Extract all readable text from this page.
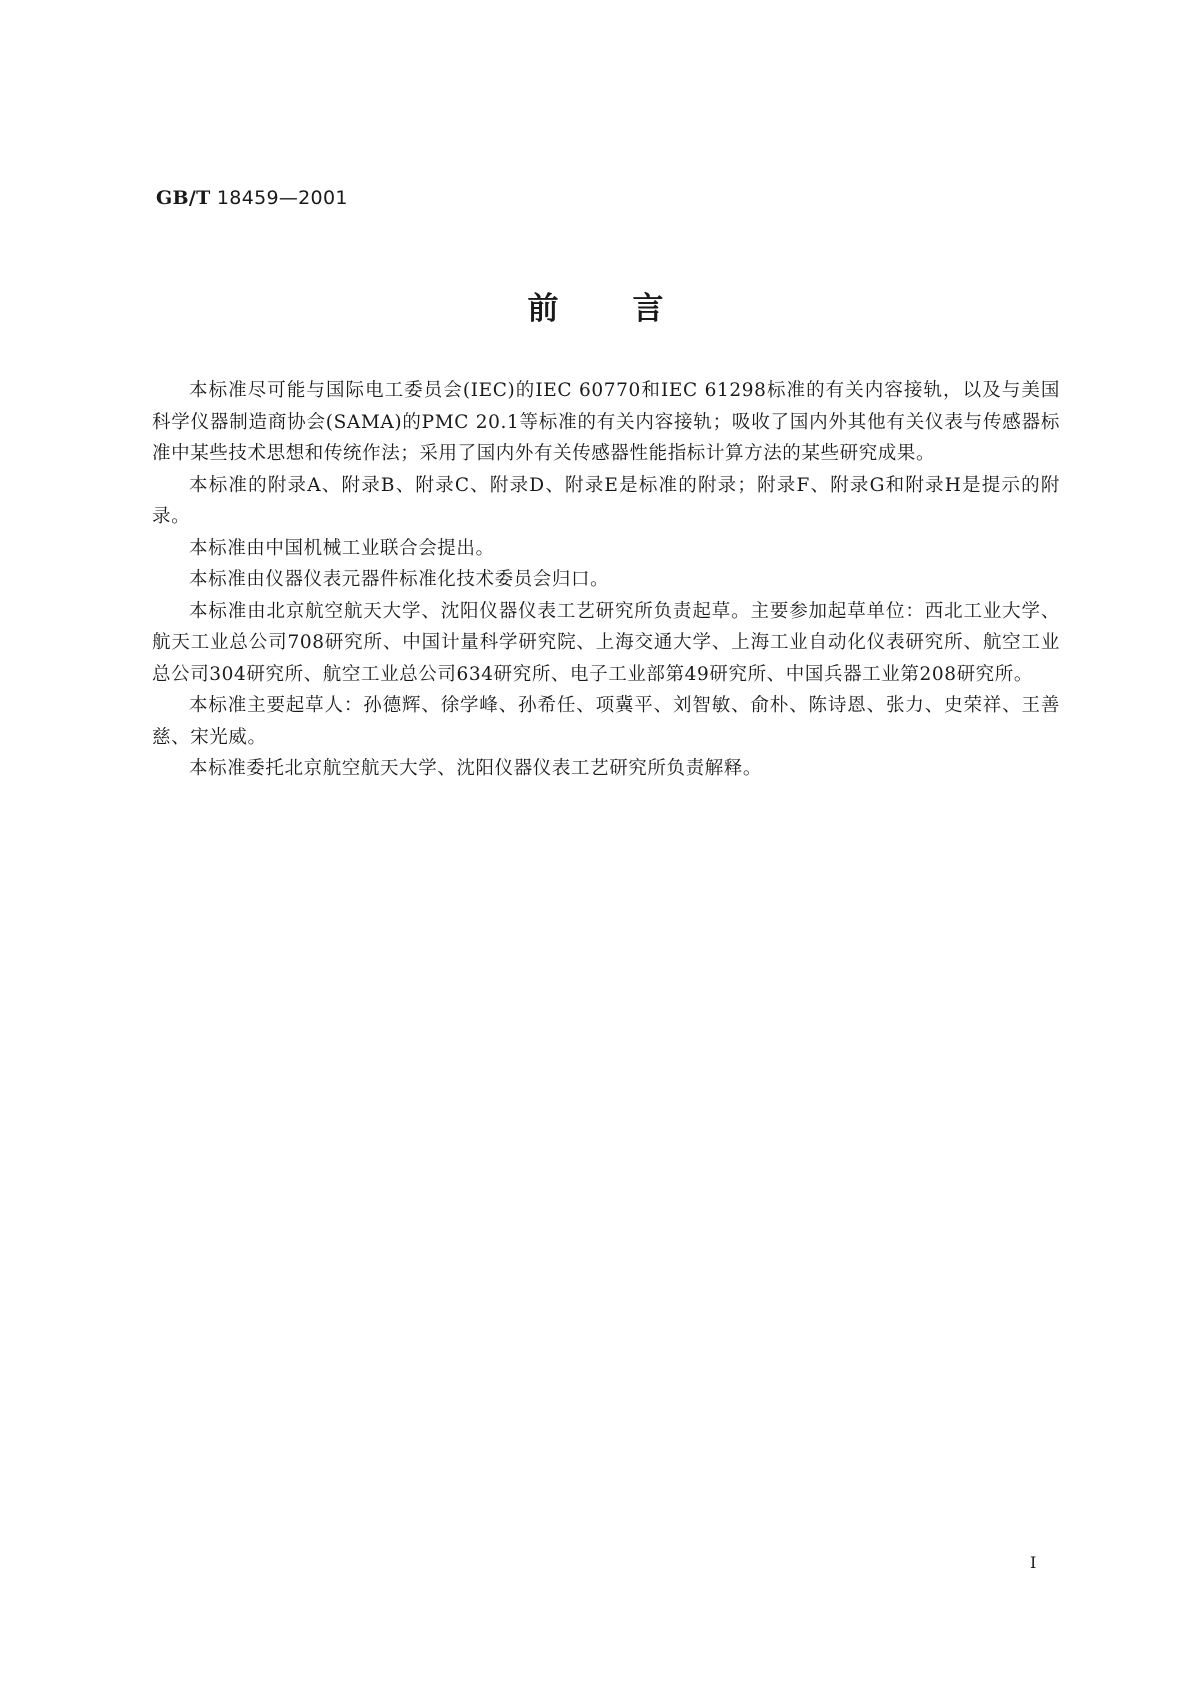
GB/T 18459—2001
前言

本标准尽可能与国际电工委员会(IEC)的IEC 60770和IEC 61298标准的有关内容接轨，以及与美国科学仪器制造商协会(SAMA)的PMC 20.1等标准的有关内容接轨；吸收了国内外其他有关仪表与传感器标准中某些技术思想和传统作法；采用了国内外有关传感器性能指标计算方法的某些研究成果。

本标准的附录A、附录B、附录C、附录D、附录E是标准的附录；附录F、附录G和附录H是提示的附录。

本标准由中国机械工业联合会提出。

本标准由仪器仪表元器件标准化技术委员会归口。

本标准由北京航空航天大学、沈阳仪器仪表工艺研究所负责起草。主要参加起草单位：西北工业大学、航天工业总公司708研究所、中国计量科学研究院、上海交通大学、上海工业自动化仪表研究所、航空工业总公司304研究所、航空工业总公司634研究所、电子工业部第49研究所、中国兵器工业第208研究所。

本标准主要起草人：孙德辉、徐学峰、孙希任、项冀平、刘智敏、俞朴、陈诗恩、张力、史荣祥、王善慈、宋光威。

本标准委托北京航空航天大学、沈阳仪器仪表工艺研究所负责解释。

I
